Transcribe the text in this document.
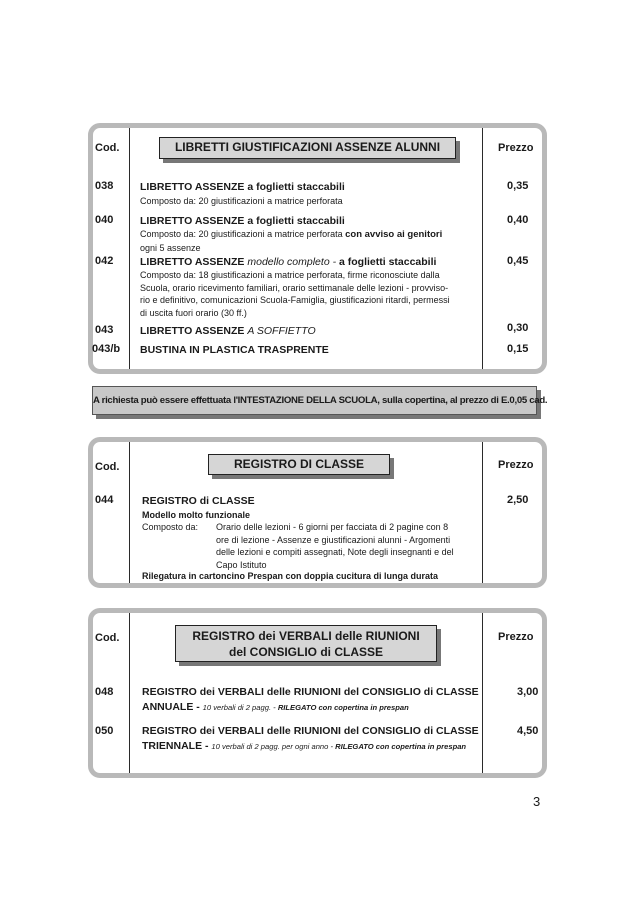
Cod.	Prezzo
LIBRETTI GIUSTIFICAZIONI ASSENZE ALUNNI
038	LIBRETTO ASSENZE a foglietti staccabili
Composto da: 20 giustificazioni a matrice perforata
0,35
040	LIBRETTO ASSENZE a foglietti staccabili
Composto da: 20 giustificazioni a matrice perforata con avviso ai genitori
ogni 5 assenze
0,40
042	LIBRETTO ASSENZE modello completo - a foglietti staccabili
Composto da: 18 giustificazioni a matrice perforata, firme riconosciute dalla
Scuola, orario ricevimento familiari, orario settimanale delle lezioni - provviso-
rio e definitivo, comunicazioni Scuola-Famiglia, giustificazioni ritardi, permessi
di uscita fuori orario (30 ff.)
0,45
043	LIBRETTO ASSENZE A SOFFIETTO	0,30
043/b BUSTINA IN PLASTICA TRASPRENTE	0,15
A richiesta può essere effettuata l'INTESTAZIONE DELLA SCUOLA, sulla copertina, al prezzo di E.0,05 cad.
Cod.	Prezzo
REGISTRO DI CLASSE
044	REGISTRO di CLASSE
Modello molto funzionale
Composto da: Orario delle lezioni - 6 giorni per facciata di 2 pagine con 8
ore di lezione - Assenze e giustificazioni alunni - Argomenti
delle lezioni e compiti assegnati, Note degli insegnanti e del
Capo Istituto
Rilegatura in cartoncino Prespan con doppia cucitura di lunga durata
2,50
Cod.	Prezzo
REGISTRO dei VERBALI delle RIUNIONI
del CONSIGLIO di CLASSE
048	REGISTRO dei VERBALI delle RIUNIONI del CONSIGLIO di CLASSE
ANNUALE - 10 verbali di 2 pagg. - RILEGATO con copertina in prespan
3,00
050	REGISTRO dei VERBALI delle RIUNIONI del CONSIGLIO di CLASSE
TRIENNALE - 10 verbali di 2 pagg. per ogni anno - RILEGATO con copertina in prespan
4,50
3
